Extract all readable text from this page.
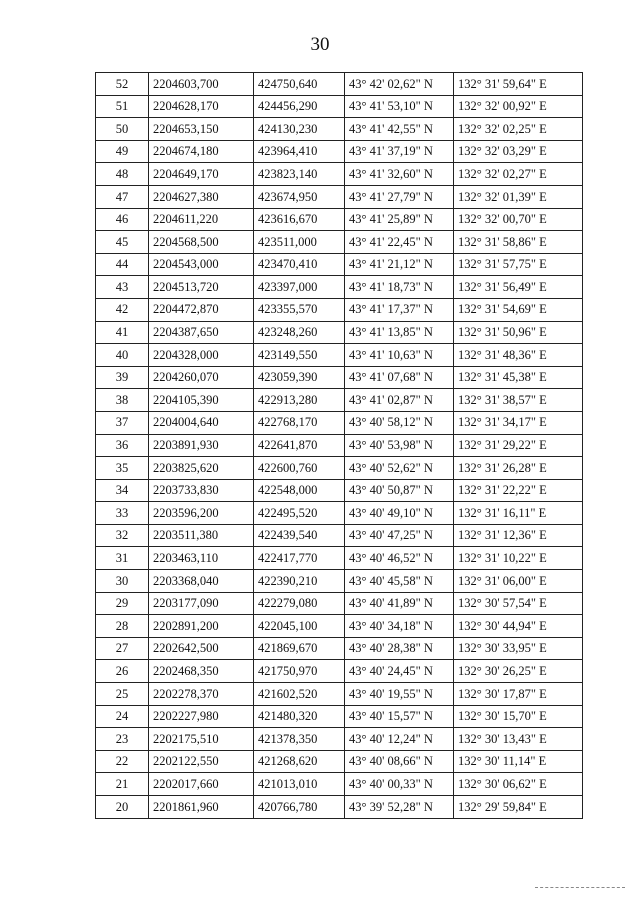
30
52	2204603,700	424750,640	43° 42' 02,62" N	132° 31' 59,64" E
51	2204628,170	424456,290	43° 41' 53,10" N	132° 32' 00,92" E
50	2204653,150	424130,230	43° 41' 42,55" N	132° 32' 02,25" E
49	2204674,180	423964,410	43° 41' 37,19" N	132° 32' 03,29" E
48	2204649,170	423823,140	43° 41' 32,60" N	132° 32' 02,27" E
47	2204627,380	423674,950	43° 41' 27,79" N	132° 32' 01,39" E
46	2204611,220	423616,670	43° 41' 25,89" N	132° 32' 00,70" E
45	2204568,500	423511,000	43° 41' 22,45" N	132° 31' 58,86" E
44	2204543,000	423470,410	43° 41' 21,12" N	132° 31' 57,75" E
43	2204513,720	423397,000	43° 41' 18,73" N	132° 31' 56,49" E
42	2204472,870	423355,570	43° 41' 17,37" N	132° 31' 54,69" E
41	2204387,650	423248,260	43° 41' 13,85" N	132° 31' 50,96" E
40	2204328,000	423149,550	43° 41' 10,63" N	132° 31' 48,36" E
39	2204260,070	423059,390	43° 41' 07,68" N	132° 31' 45,38" E
38	2204105,390	422913,280	43° 41' 02,87" N	132° 31' 38,57" E
37	2204004,640	422768,170	43° 40' 58,12" N	132° 31' 34,17" E
36	2203891,930	422641,870	43° 40' 53,98" N	132° 31' 29,22" E
35	2203825,620	422600,760	43° 40' 52,62" N	132° 31' 26,28" E
34	2203733,830	422548,000	43° 40' 50,87" N	132° 31' 22,22" E
33	2203596,200	422495,520	43° 40' 49,10" N	132° 31' 16,11" E
32	2203511,380	422439,540	43° 40' 47,25" N	132° 31' 12,36" E
31	2203463,110	422417,770	43° 40' 46,52" N	132° 31' 10,22" E
30	2203368,040	422390,210	43° 40' 45,58" N	132° 31' 06,00" E
29	2203177,090	422279,080	43° 40' 41,89" N	132° 30' 57,54" E
28	2202891,200	422045,100	43° 40' 34,18" N	132° 30' 44,94" E
27	2202642,500	421869,670	43° 40' 28,38" N	132° 30' 33,95" E
26	2202468,350	421750,970	43° 40' 24,45" N	132° 30' 26,25" E
25	2202278,370	421602,520	43° 40' 19,55" N	132° 30' 17,87" E
24	2202227,980	421480,320	43° 40' 15,57" N	132° 30' 15,70" E
23	2202175,510	421378,350	43° 40' 12,24" N	132° 30' 13,43" E
22	2202122,550	421268,620	43° 40' 08,66" N	132° 30' 11,14" E
21	2202017,660	421013,010	43° 40' 00,33" N	132° 30' 06,62" E
20	2201861,960	420766,780	43° 39' 52,28" N	132° 29' 59,84" E
